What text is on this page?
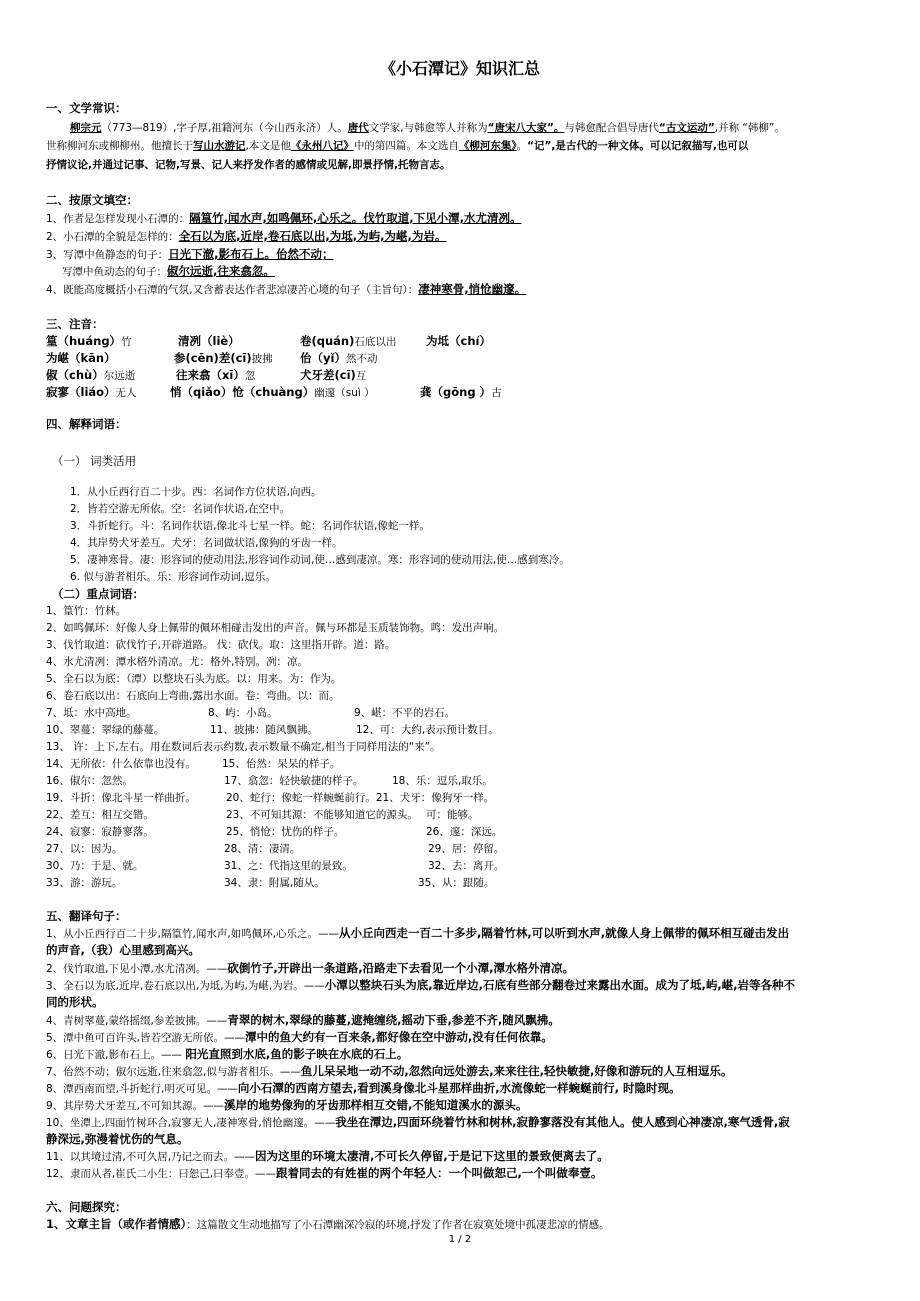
《小石潭记》知识汇总
一、文学常识：
柳宗元（773—819）,字子厚,祖籍河东（今山西永济）人。唐代文学家,与韩愈等人并称为“唐宋八大家”。与韩愈配合倡导唐代“古文运动”,并称 “韩柳”。
世称柳河东或柳柳州。他擅长于写山水游记,本文是他《永州八记》中的第四篇。本文选自《柳河东集》。“记”,是古代的一种文体。可以记叙描写,也可以
抒情议论,并通过记事、记物,写景、记人来抒发作者的感情或见解,即景抒情,托物言志。
二、按原文填空：
1、作者是怎样发现小石潭的：隔篁竹,闻水声,如鸣佩环,心乐之。伐竹取道,下见小潭,水尤清冽。
2、小石潭的全貌是怎样的：全石以为底,近岸,卷石底以出,为坻,为屿,为嵁,为岩。
3、写潭中鱼静态的句子：日光下澈,影布石上。佁然不动；
写潭中鱼动态的句子：俶尔远逝,往来翕忽。
4、既能高度概括小石潭的气氛,又含蓄表达作者悲凉凄苦心境的句子（主旨句）：凄神寒骨,悄怆幽邃。
三、注音：
篁（huáng）竹	清冽（liè）	卷(quán)石底以出	为坻（chí）
为嵁（kān）	参(cēn)差(cī)披拂 佁（yǐ）然不动
俶（chù）尔远逝	往来翕（xī）忽	犬牙差(cī)互
寂寥（liáo）无人	悄（qiǎo）怆（chuàng）幽邃（suì ）	龚（gōng ）古
四、解释词语：
（一） 词类活用
1．从小丘西行百二十步。西：名词作方位状语,向西。
2．皆若空游无所依。空：名词作状语,在空中。
3．斗折蛇行。斗：名词作状语,像北斗七星一样。蛇：名词作状语,像蛇一样。
4．其岸势犬牙差互。犬牙：名词做状语,像狗的牙齿一样。
5．凄神寒骨。凄：形容词的使动用法,形容词作动词,使…感到凄凉。寒：形容词的使动用法,使…感到寒冷。
6. 似与游者相乐。乐：形容词作动词,逗乐。
（二）重点词语：
1、篁竹：竹林。
2、如鸣佩环：好像人身上佩带的佩环相碰击发出的声音。佩与环都是玉质装饰物。鸣：发出声响。
3、伐竹取道：砍伐竹子,开辟道路。 伐：砍伐。取：这里指开辟。道：路。
4、水尤清冽：潭水格外清凉。尤：格外,特别。冽：凉。
5、全石以为底：（潭）以整块石头为底。以：用来。为：作为。
6、卷石底以出：石底向上弯曲,露出水面。卷：弯曲。以：而。
7、坻：水中高地。	8、屿：小岛。	9、嵁：不平的岩石。
10、翠蔓：翠绿的藤蔓。	11、披拂：随风飘拂。	12、可：大约,表示预计数目。
13、 许：上下,左右。用在数词后表示约数,表示数量不确定,相当于同样用法的“来”。
14、无所依：什么依靠也没有。 15、佁然：呆呆的样子。
16、俶尔：忽然。	17、翕忽：轻快敏捷的样子。	18、乐：逗乐,取乐。
19、斗折：像北斗星一样曲折。	20、蛇行：像蛇一样蜿蜒前行。21、犬牙：像狗牙一样。
22、差互：相互交错。	23、不可知其源：不能够知道它的源头。 可：能够。
24、寂寥：寂静寥落。	25、悄怆：忧伤的样子。	26、邃：深远。
27、以：因为。	28、清：凄清。	29、居：停留。
30、乃：于是、就。	31、之：代指这里的景致。	32、去：离开。
33、游：游玩。	34、隶：附属,随从。	35、从：跟随。
五、翻译句子：
1、从小丘西行百二十步,隔篁竹,闻水声,如鸣佩环,心乐之。——从小丘向西走一百二十多步,隔着竹林,可以听到水声,就像人身上佩带的佩环相互碰击发出
的声音,（我）心里感到高兴。
2、伐竹取道,下见小潭,水尤清冽。——砍倒竹子,开辟出一条道路,沿路走下去看见一个小潭,潭水格外清凉。
3、全石以为底,近岸,卷石底以出,为坻,为屿,为嵁,为岩。——小潭以整块石头为底,靠近岸边,石底有些部分翻卷过来露出水面。成为了坻,屿,嵁,岩等各种不
同的形状。
4、青树翠蔓,蒙络摇缀,参差披拂。——青翠的树木,翠绿的藤蔓,遮掩缠绕,摇动下垂,参差不齐,随风飘拂。
5、潭中鱼可百许头,皆若空游无所依。——潭中的鱼大约有一百来条,都好像在空中游动,没有任何依靠。
6、日光下澈,影布石上。—— 阳光直照到水底,鱼的影子映在水底的石上。
7、佁然不动；俶尔远逝,往来翕忽,似与游者相乐。——鱼儿呆呆地一动不动,忽然向远处游去,来来往往,轻快敏捷,好像和游玩的人互相逗乐。
8、潭西南而望,斗折蛇行,明灭可见。——向小石潭的西南方望去,看到溪身像北斗星那样曲折,水流像蛇一样蜿蜒前行, 时隐时现。
9、其岸势犬牙差互,不可知其源。——溪岸的地势像狗的牙齿那样相互交错,不能知道溪水的源头。
10、坐潭上,四面竹树环合,寂寥无人,凄神寒骨,悄怆幽邃。——我坐在潭边,四面环绕着竹林和树林,寂静寥落没有其他人。使人感到心神凄凉,寒气透骨,寂
静深远,弥漫着忧伤的气息。
11、以其境过清,不可久居,乃记之而去。——因为这里的环境太凄清,不可长久停留,于是记下这里的景致便离去了。
12、隶而从者,崔氏二小生：曰恕己,曰奉壹。——跟着同去的有姓崔的两个年轻人：一个叫做恕己,一个叫做奉壹。
六、问题探究：
1、文章主旨（或作者情感）：这篇散文生动地描写了小石潭幽深冷寂的环境,抒发了作者在寂寞处境中孤凄悲凉的情感。
1 / 2
